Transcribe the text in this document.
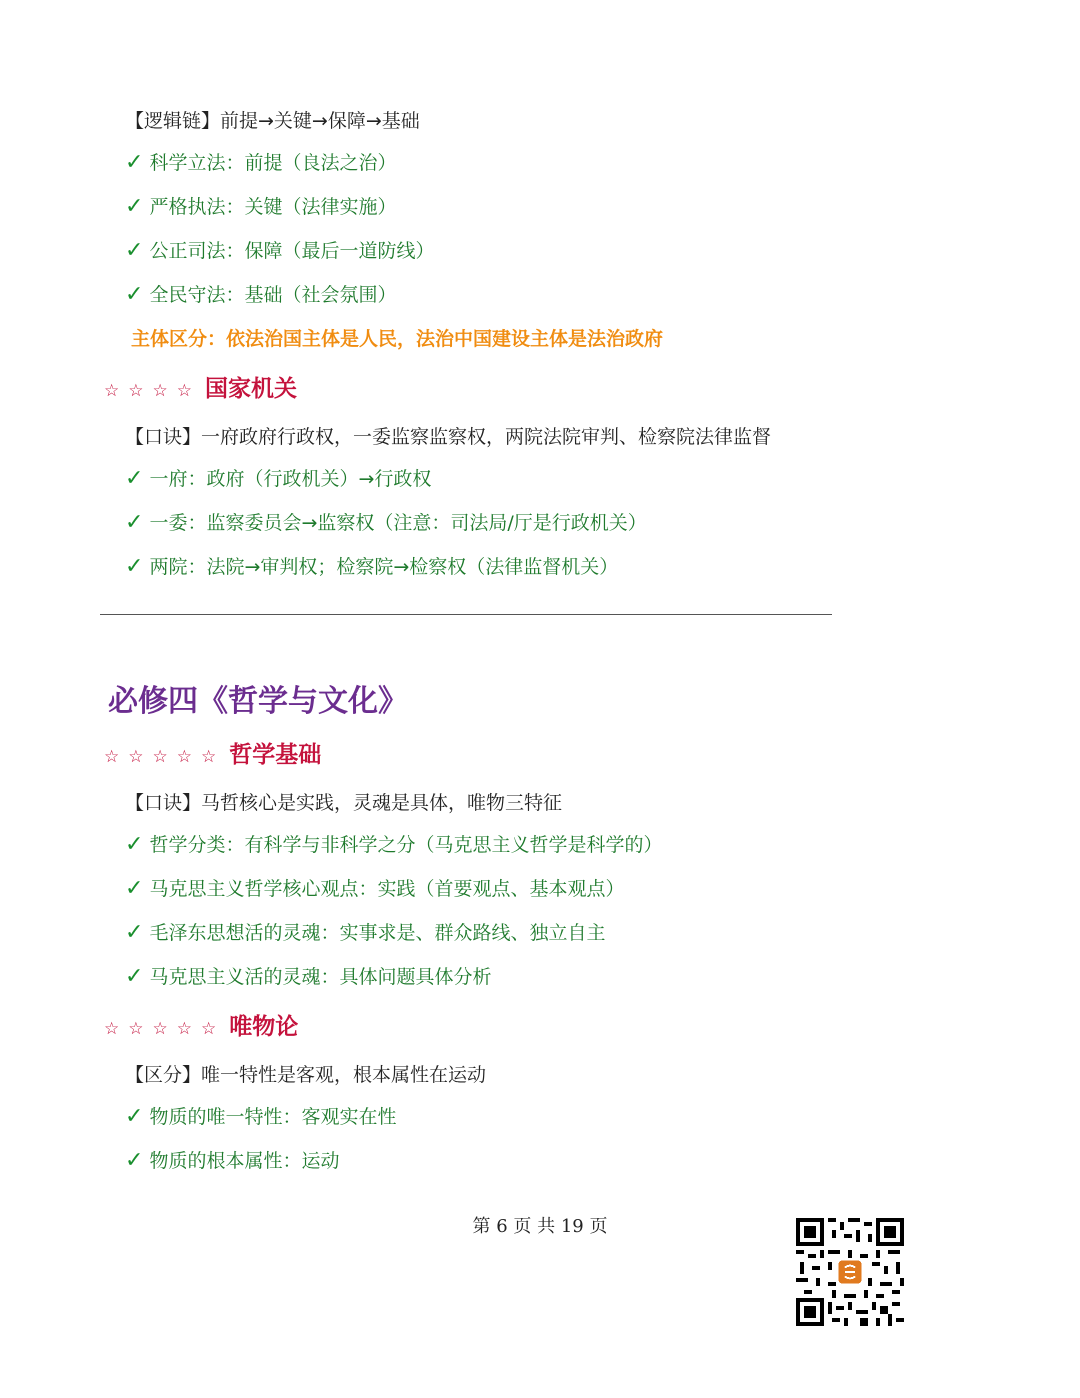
【逻辑链】前提→关键→保障→基础
✓ 科学立法：前提（良法之治）
✓ 严格执法：关键（法律实施）
✓ 公正司法：保障（最后一道防线）
✓ 全民守法：基础（社会氛围）
主体区分：依法治国主体是人民，法治中国建设主体是法治政府
☆☆☆☆ 国家机关
【口诀】一府政府行政权，一委监察监察权，两院法院审判、检察院法律监督
✓ 一府：政府（行政机关）→行政权
✓ 一委：监察委员会→监察权（注意：司法局/厅是行政机关）
✓ 两院：法院→审判权；检察院→检察权（法律监督机关）
必修四《哲学与文化》
☆☆☆☆☆ 哲学基础
【口诀】马哲核心是实践，灵魂是具体，唯物三特征
✓ 哲学分类：有科学与非科学之分（马克思主义哲学是科学的）
✓ 马克思主义哲学核心观点：实践（首要观点、基本观点）
✓ 毛泽东思想活的灵魂：实事求是、群众路线、独立自主
✓ 马克思主义活的灵魂：具体问题具体分析
☆☆☆☆☆ 唯物论
【区分】唯一特性是客观，根本属性在运动
✓ 物质的唯一特性：客观实在性
✓ 物质的根本属性：运动
第 6 页 共 19 页
